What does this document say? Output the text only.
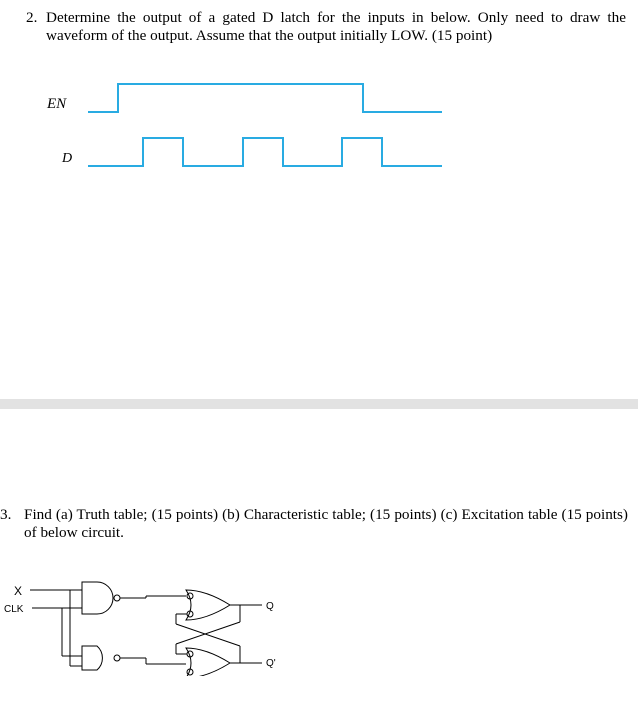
2. Determine the output of a gated D latch for the inputs in below. Only need to draw the waveform of the output. Assume that the output initially LOW. (15 point)
EN
D
3. Find (a) Truth table; (15 points) (b) Characteristic table; (15 points) (c) Excitation table (15 points) of below circuit.
X
CLK	Q
Q'
